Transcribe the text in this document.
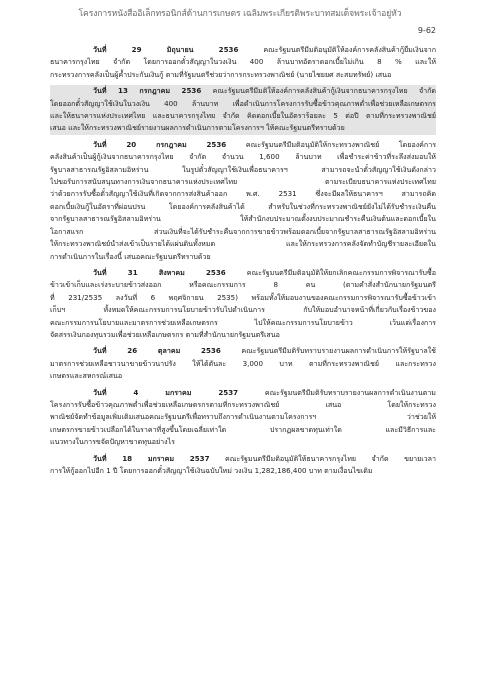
โครงการหนังสืออิเล็กทรอนิกส์ด้านการเกษตร เฉลิมพระเกียรติพระบาทสมเด็จพระเจ้าอยู่หัว
9-62
วันที่ 29 มิถุนายน 2536 คณะรัฐมนตรีมีมติอนุมัติให้องค์การคลังสินค้ากู้ยืมเงินจาก
ธนาคารกรุงไทย จำกัด โดยการออกตั๋วสัญญาในวงเงิน 400 ล้านบาทอัตราดอกเบี้ยไม่เกิน 8 % และให้
กระทรวงการคลังเป็นผู้ค้ำประกันเงินกู้ ตามที่รัฐมนตรีช่วยว่าการกระทรวงพาณิชย์ (นายไชยยศ สะสมทรัพย์) เสนอ
วันที่ 13 กรกฎาคม 2536 คณะรัฐมนตรีมีมติให้องค์การคลังสินค้ากู้เงินจากธนาคารกรุงไทย จำกัด
โดยออกตั๋วสัญญาใช้เงินในวงเงิน 400 ล้านบาท เพื่อดำเนินการโครงการรับซื้อข้าวคุณภาพต่ำเพื่อช่วยเหลือเกษตรกร
และให้ธนาคารแห่งประเทศไทย และธนาคารกรุงไทย จำกัด คิดดอกเบี้ยในอัตราร้อยละ 5 ต่อปี ตามที่กระทรวงพาณิชย์
เสนอ และให้กระทรวงพาณิชย์รายงานผลการดำเนินการตามโครงการฯ ให้คณะรัฐมนตรีทราบด้วย
วันที่ 20 กรกฎาคม 2536 คณะรัฐมนตรีมีมติอนุมัติให้กระทรวงพาณิชย์ โดยองค์การ
คลังสินค้าเป็นผู้กู้เงินจากธนาคารกรุงไทย จำกัด จำนวน 1,600 ล้านบาท เพื่อชำระค่าข้าวที่ระลึงส่งมอบให้
รัฐบาลสาธารณรัฐอิสลามอิหร่าน ในรูปตั๋วสัญญาใช้เงินเพื่อธนาคารฯ สามารถจะนำตั๋วสัญญาใช้เงินดังกล่าว
ไปขอรับการสนับสนุนทางการเงินจากธนาคารแห่งประเทศไทย ตามระเบียบธนาคารแห่งประเทศไทย
ว่าด้วยการรับซื้อตั๋วสัญญาใช้เงินที่เกิดจากการส่งสินค้าออก พ.ศ. 2531 ซึ่งจะมีผลให้ธนาคารฯ สามารถคิด
ดอกเบี้ยเงินกู้ในอัตราที่ผ่อนปรน โดยองค์การคลังสินค้าได้ สำหรับในช่วงที่กระทรวงพาณิชย์ยังไม่ได้รับชำระเงินคืน
จากรัฐบาลสาธารณรัฐอิสลามอิหร่าน ให้สำนักงบประมาณตั้งงบประมาณชำระคืนเงินต้นและดอกเบี้ยใน
โอกาสแรก ส่วนเงินที่จะได้รับชำระคืนจากการขายข้าวพร้อมดอกเบี้ยจากรัฐบาลสาธารณรัฐอิสลามอิหร่าน
ให้กระทรวงพาณิชย์นำส่งเข้าเป็นรายได้แผ่นดินทั้งหมด และให้กระทรวงการคลังจัดทำบัญชีรายละเอียดใน
การดำเนินการในเรื่องนี้ เสนอคณะรัฐมนตรีทราบด้วย
วันที่ 31 สิงหาคม 2536 คณะรัฐมนตรีมีมติอนุมัติให้ยกเลิกคณะกรรมการพิจารณารับซื้อ
ข้าวเข้าเก็บและเร่งระบายข้าวส่งออก หรือคณะกรรมการ 8 คน (ตามคำสั่งสำนักนายกรัฐมนตรี
ที่ 231/2535 ลงวันที่ 6 พฤศจิกายน 2535) พร้อมทั้งให้มอบงานของคณะกรรมการพิจารณารับซื้อข้าวเข้า
เก็บฯ ทั้งหมดให้คณะกรรมการนโยบายข้าวรับไปดำเนินการ กับให้มอบอำนาจหน้าที่เกี่ยวกับเรื่องข้าวของ
คณะกรรมการนโยบายและมาตรการช่วยเหลือเกษตรกร ไปให้คณะกรรมการนโยบายข้าว เว้นแต่เรื่องการ
จัดสรรเงินกองทุนรวมเพื่อช่วยเหลือเกษตรกร ตามที่สำนักนายกรัฐมนตรีเสนอ
วันที่ 26 ตุลาคม 2536 คณะรัฐมนตรีมีมติรับทราบรายงานผลการดำเนินการให้รัฐบาลใช้
มาตรการช่วยเหลือชาวนาขายข้าวนาปรัง ให้ได้ตันละ 3,000 บาท ตามที่กระทรวงพาณิชย์ และกระทรวง
เกษตรและสหกรณ์เสนอ
วันที่ 4 มกราคม 2537 คณะรัฐมนตรีมีมติรับทราบรายงานผลการดำเนินงานตาม
โครงการรับซื้อข้าวคุณภาพต่ำเพื่อช่วยเหลือเกษตรกรตามที่กระทรวงพาณิชย์ เสนอ โดยให้กระทรวง
พาณิชย์จัดทำข้อมูลเพิ่มเติมเสนอคณะรัฐมนตรีเพื่อทราบถึงการดำเนินงานตามโครงการฯ ว่าช่วยให้
เกษตรกรขายข้าวเปลือกได้ในราคาที่สูงขึ้นโดยเฉลี่ยเท่าใด ปรากฏผลขาดทุนเท่าใด และมีวิธีการและ
แนวทางในการขจัดปัญหาขาดทุนอย่างไร
วันที่ 18 มกราคม 2537 คณะรัฐมนตรีมีมติอนุมัติให้ธนาคารกรุงไทย จำกัด ขยายเวลา
การให้กู้ออกไปอีก 1 ปี โดยการออกตั๋วสัญญาใช้เงินฉบับใหม่ วงเงิน 1,282,186,400 บาท ตามเงื่อนไขเดิม
